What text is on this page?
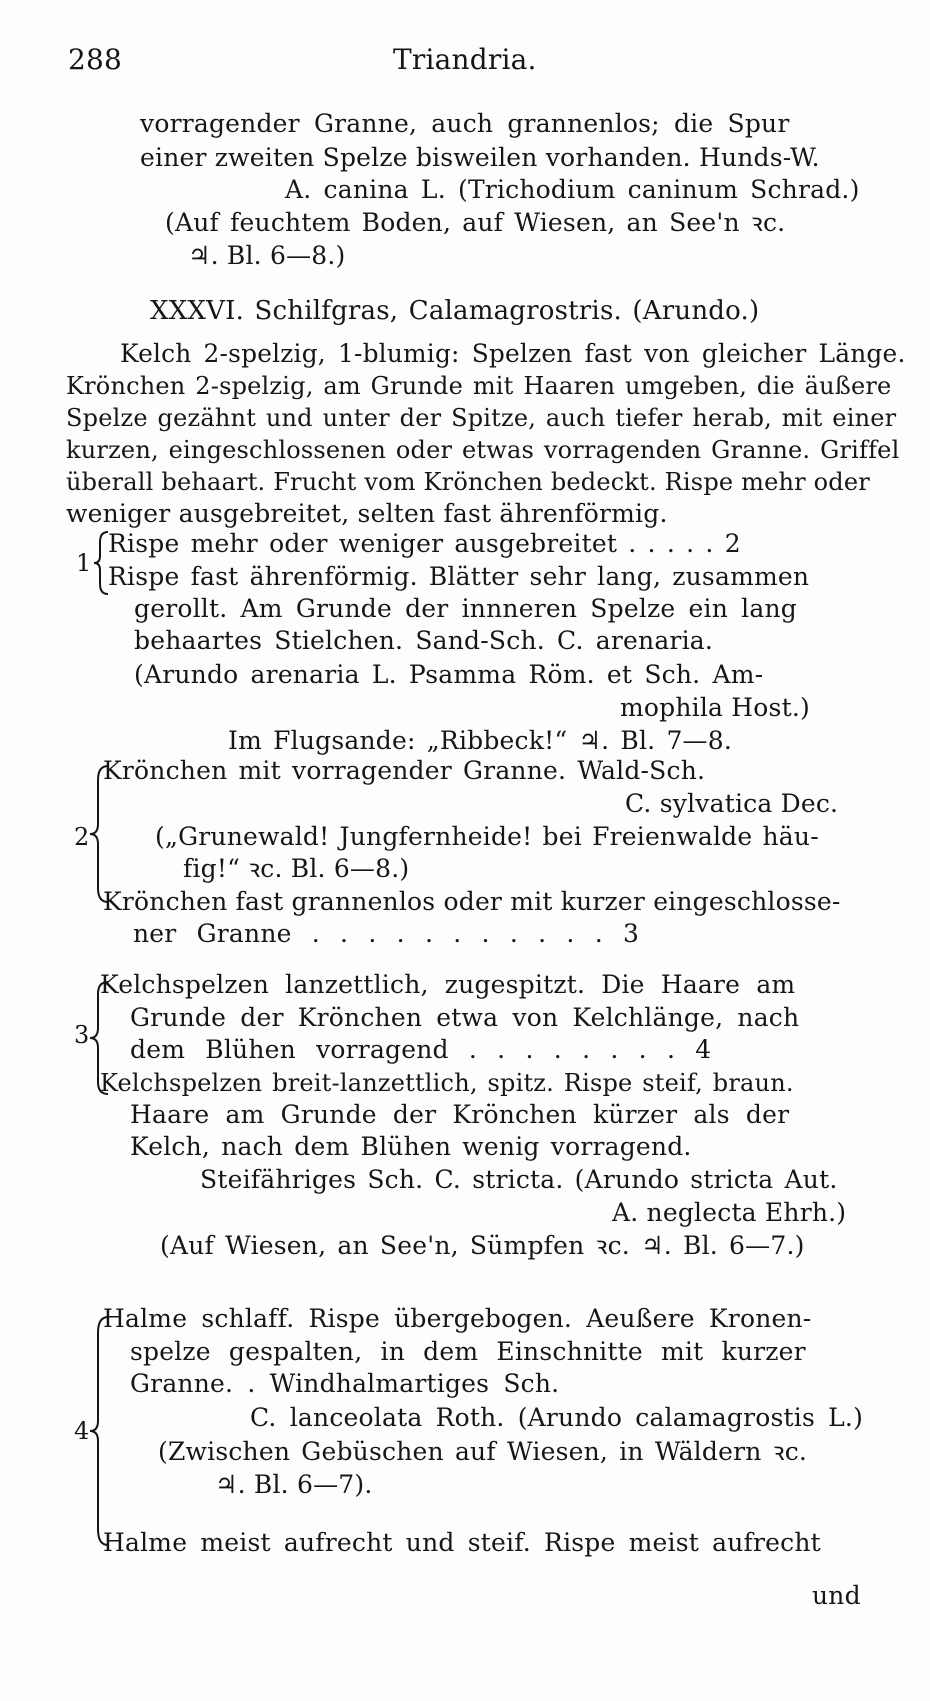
288	Triandria.
vorragender Granne, auch grannenlos; die Spur
einer zweiten Spelze bisweilen vorhanden. Hunds-W.
A. canina L. (Trichodium caninum Schrad.)
(Auf feuchtem Boden, auf Wiesen, an See'n ꝛc.
♃. Bl. 6—8.)
XXXVI. Schilfgras, Calamagrostris. (Arundo.)
Kelch 2-spelzig, 1-blumig: Spelzen fast von gleicher Länge.
Krönchen 2-spelzig, am Grunde mit Haaren umgeben, die äußere
Spelze gezähnt und unter der Spitze, auch tiefer herab, mit einer
kurzen, eingeschlossenen oder etwas vorragenden Granne. Griffel
überall behaart. Frucht vom Krönchen bedeckt. Rispe mehr oder
weniger ausgebreitet, selten fast ährenförmig.
1
Rispe mehr oder weniger ausgebreitet . . . . . 2
Rispe fast ährenförmig. Blätter sehr lang, zusammen
gerollt. Am Grunde der innneren Spelze ein lang
behaartes Stielchen. Sand-Sch. C. arenaria.
(Arundo arenaria L. Psamma Röm. et Sch. Am-
mophila Host.)
Im Flugsande: „Ribbeck!“ ♃. Bl. 7—8.
2
Krönchen mit vorragender Granne. Wald-Sch.
C. sylvatica Dec.
(„Grunewald! Jungfernheide! bei Freienwalde häu-
fig!“ ꝛc. Bl. 6—8.)
Krönchen fast grannenlos oder mit kurzer eingeschlosse-
ner Granne . . . . . . . . . . . 3
3
Kelchspelzen lanzettlich, zugespitzt. Die Haare am
Grunde der Krönchen etwa von Kelchlänge, nach
dem Blühen vorragend . . . . . . . . 4
Kelchspelzen breit-lanzettlich, spitz. Rispe steif, braun.
Haare am Grunde der Krönchen kürzer als der
Kelch, nach dem Blühen wenig vorragend.
Steifähriges Sch. C. stricta. (Arundo stricta Aut.
A. neglecta Ehrh.)
(Auf Wiesen, an See'n, Sümpfen ꝛc. ♃. Bl. 6—7.)
4
Halme schlaff. Rispe übergebogen. Aeußere Kronen-
spelze gespalten, in dem Einschnitte mit kurzer
Granne. . Windhalmartiges Sch.
C. lanceolata Roth. (Arundo calamagrostis L.)
(Zwischen Gebüschen auf Wiesen, in Wäldern ꝛc.
♃. Bl. 6—7).
Halme meist aufrecht und steif. Rispe meist aufrecht
und
